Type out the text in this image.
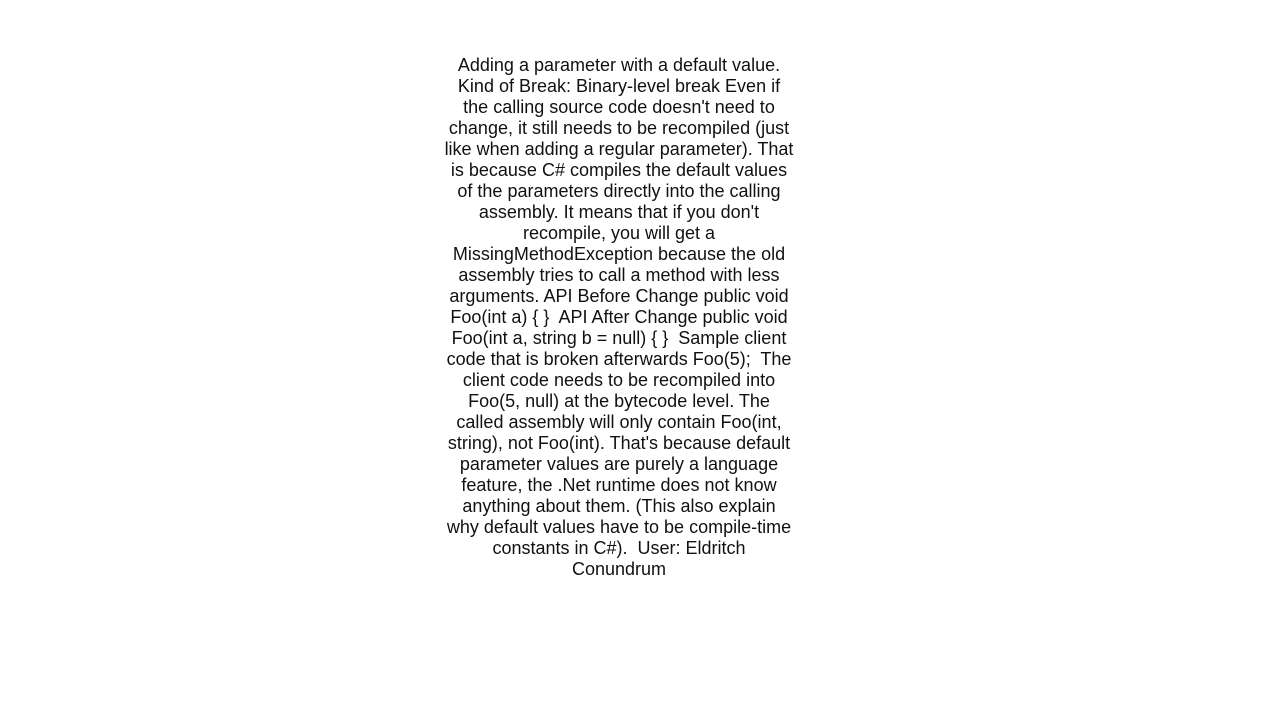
Adding a parameter with a default value. Kind of Break: Binary-level break Even if the calling source code doesn't need to change, it still needs to be recompiled (just like when adding a regular parameter). That is because C# compiles the default values of the parameters directly into the calling assembly. It means that if you don't recompile, you will get a MissingMethodException because the old assembly tries to call a method with less arguments. API Before Change public void Foo(int a) { }  API After Change public void Foo(int a, string b = null) { }  Sample client code that is broken afterwards Foo(5);  The client code needs to be recompiled into Foo(5, null) at the bytecode level. The called assembly will only contain Foo(int, string), not Foo(int). That's because default parameter values are purely a language feature, the .Net runtime does not know anything about them. (This also explain why default values have to be compile-time constants in C#).  User: Eldritch Conundrum
